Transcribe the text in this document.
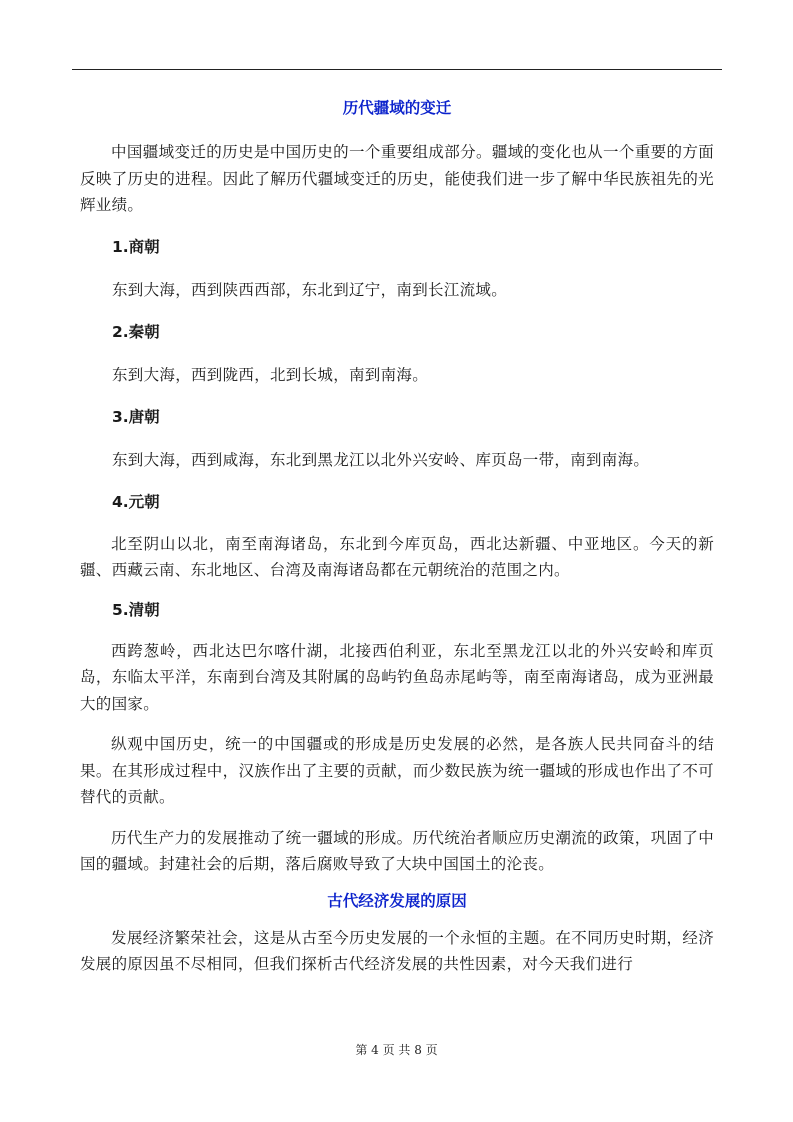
历代疆域的变迁

中国疆域变迁的历史是中国历史的一个重要组成部分。疆域的变化也从一个重要的方面反映了历史的进程。因此了解历代疆域变迁的历史，能使我们进一步了解中华民族祖先的光辉业绩。

1.商朝

东到大海，西到陕西西部，东北到辽宁，南到长江流域。

2.秦朝

东到大海，西到陇西，北到长城，南到南海。

3.唐朝

东到大海，西到咸海，东北到黑龙江以北外兴安岭、库页岛一带，南到南海。

4.元朝

北至阴山以北，南至南海诸岛，东北到今库页岛，西北达新疆、中亚地区。今天的新疆、西藏云南、东北地区、台湾及南海诸岛都在元朝统治的范围之内。

5.清朝

西跨葱岭，西北达巴尔喀什湖，北接西伯利亚，东北至黑龙江以北的外兴安岭和库页岛，东临太平洋，东南到台湾及其附属的岛屿钓鱼岛赤尾屿等，南至南海诸岛，成为亚洲最大的国家。

纵观中国历史，统一的中国疆或的形成是历史发展的必然，是各族人民共同奋斗的结果。在其形成过程中，汉族作出了主要的贡献，而少数民族为统一疆域的形成也作出了不可替代的贡献。

历代生产力的发展推动了统一疆域的形成。历代统治者顺应历史潮流的政策，巩固了中国的疆域。封建社会的后期，落后腐败导致了大块中国国土的沦丧。

古代经济发展的原因

发展经济繁荣社会，这是从古至今历史发展的一个永恒的主题。在不同历史时期，经济发展的原因虽不尽相同，但我们探析古代经济发展的共性因素，对今天我们进行

第 4 页 共 8 页
